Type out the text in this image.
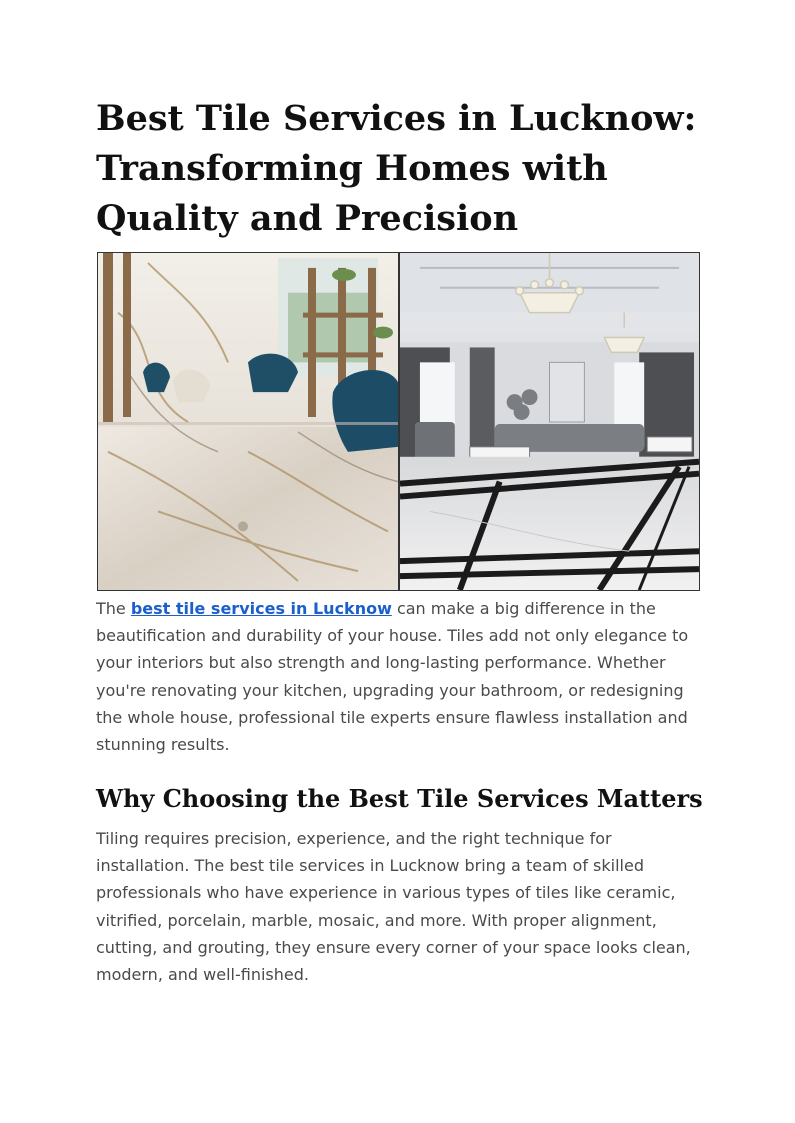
Best Tile Services in Lucknow: Transforming Homes with Quality and Precision

The best tile services in Lucknow can make a big difference in the beautification and durability of your house. Tiles add not only elegance to your interiors but also strength and long-lasting performance. Whether you're renovating your kitchen, upgrading your bathroom, or redesigning the whole house, professional tile experts ensure flawless installation and stunning results.

Why Choosing the Best Tile Services Matters

Tiling requires precision, experience, and the right technique for installation. The best tile services in Lucknow bring a team of skilled professionals who have experience in various types of tiles like ceramic, vitrified, porcelain, marble, mosaic, and more. With proper alignment, cutting, and grouting, they ensure every corner of your space looks clean, modern, and well-finished.
